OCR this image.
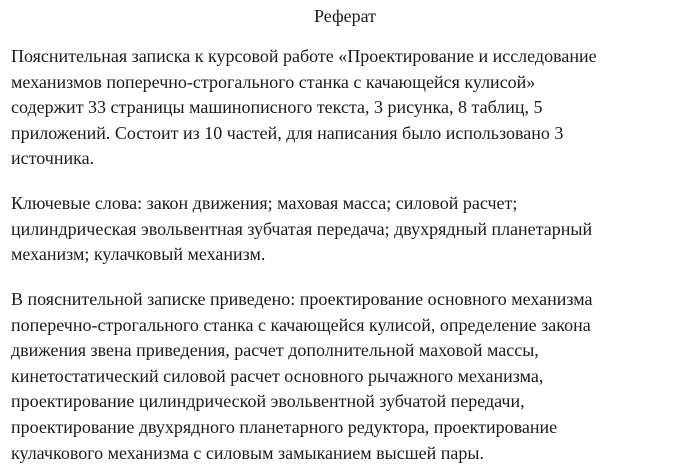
Реферат

Пояснительная записка к курсовой работе «Проектирование и исследование
механизмов поперечно-строгального станка с качающейся кулисой»
содержит 33 страницы машинописного текста, 3 рисунка, 8 таблиц, 5
приложений. Состоит из 10 частей, для написания было использовано 3
источника.

Ключевые слова: закон движения; маховая масса; силовой расчет;
цилиндрическая эвольвентная зубчатая передача; двухрядный планетарный
механизм; кулачковый механизм.

В пояснительной записке приведено: проектирование основного механизма
поперечно-строгального станка с качающейся кулисой, определение закона
движения звена приведения, расчет дополнительной маховой массы,
кинетостатический силовой расчет основного рычажного механизма,
проектирование цилиндрической эвольвентной зубчатой передачи,
проектирование двухрядного планетарного редуктора, проектирование
кулачкового механизма с силовым замыканием высшей пары.
